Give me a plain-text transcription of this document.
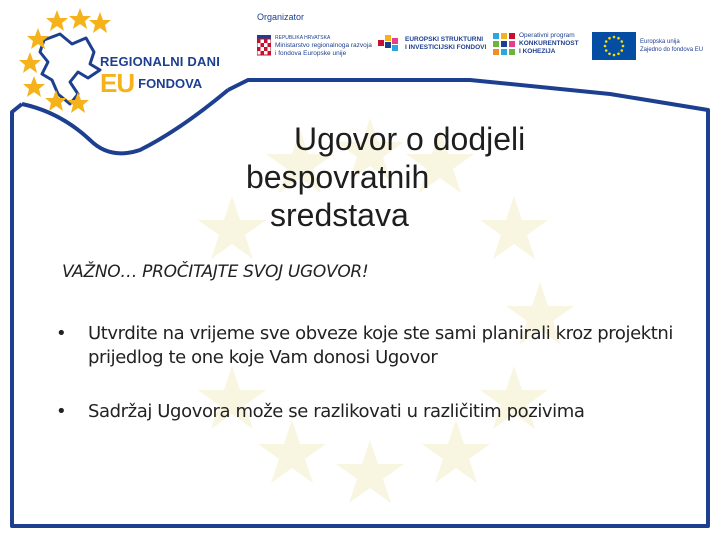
REGIONALNI DANI
EU FONDOVA
Organizator
REPUBLIKA HRVATSKA
Ministarstvo regionalnoga razvoja
i fondova Europske unije
EUROPSKI STRUKTURNI
I INVESTICIJSKI FONDOVI
Operativni program
KONKURENTNOST
I KOHEZIJA
Europska unija
Zajedno do fondova EU
Ugovor o dodjeli
bespovratnih
sredstava
VAŽNO… PROČITAJTE SVOJ UGOVOR!
•	Utvrdite na vrijeme sve obveze koje ste sami planirali kroz projektni prijedlog te one koje Vam donosi Ugovor
•	Sadržaj Ugovora može se razlikovati u različitim pozivima
